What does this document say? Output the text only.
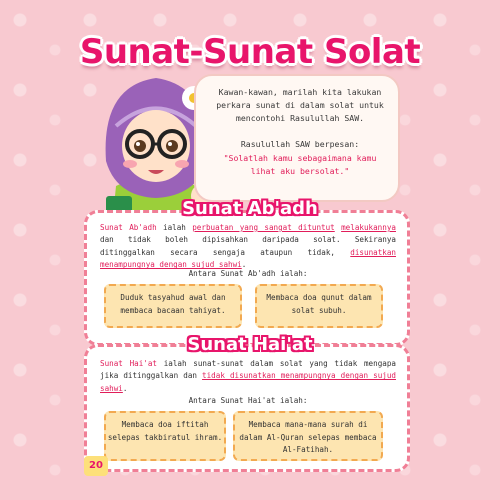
Sunat-Sunat Solat
Kawan-kawan, marilah kita lakukan perkara sunat di dalam solat untuk mencontohi Rasulullah SAW.
Rasulullah SAW berpesan:
"Solatlah kamu sebagaimana kamu lihat aku bersolat."
Sunat Ab'adh
Sunat Ab'adh ialah perbuatan yang sangat dituntut melakukannya dan tidak boleh dipisahkan daripada solat. Sekiranya ditinggalkan secara sengaja ataupun tidak, disunatkan menampungnya dengan sujud sahwi.
Antara Sunat Ab'adh ialah:
Duduk tasyahud awal dan membaca bacaan tahiyat.
Membaca doa qunut dalam solat subuh.
Sunat Hai'at
Sunat Hai'at ialah sunat-sunat dalam solat yang tidak mengapa jika ditinggalkan dan tidak disunatkan menampungnya dengan sujud sahwi.
Antara Sunat Hai'at ialah:
Membaca doa iftitah selepas takbiratul ihram.
Membaca mana-mana surah di dalam Al-Quran selepas membaca Al-Fatihah.
20
